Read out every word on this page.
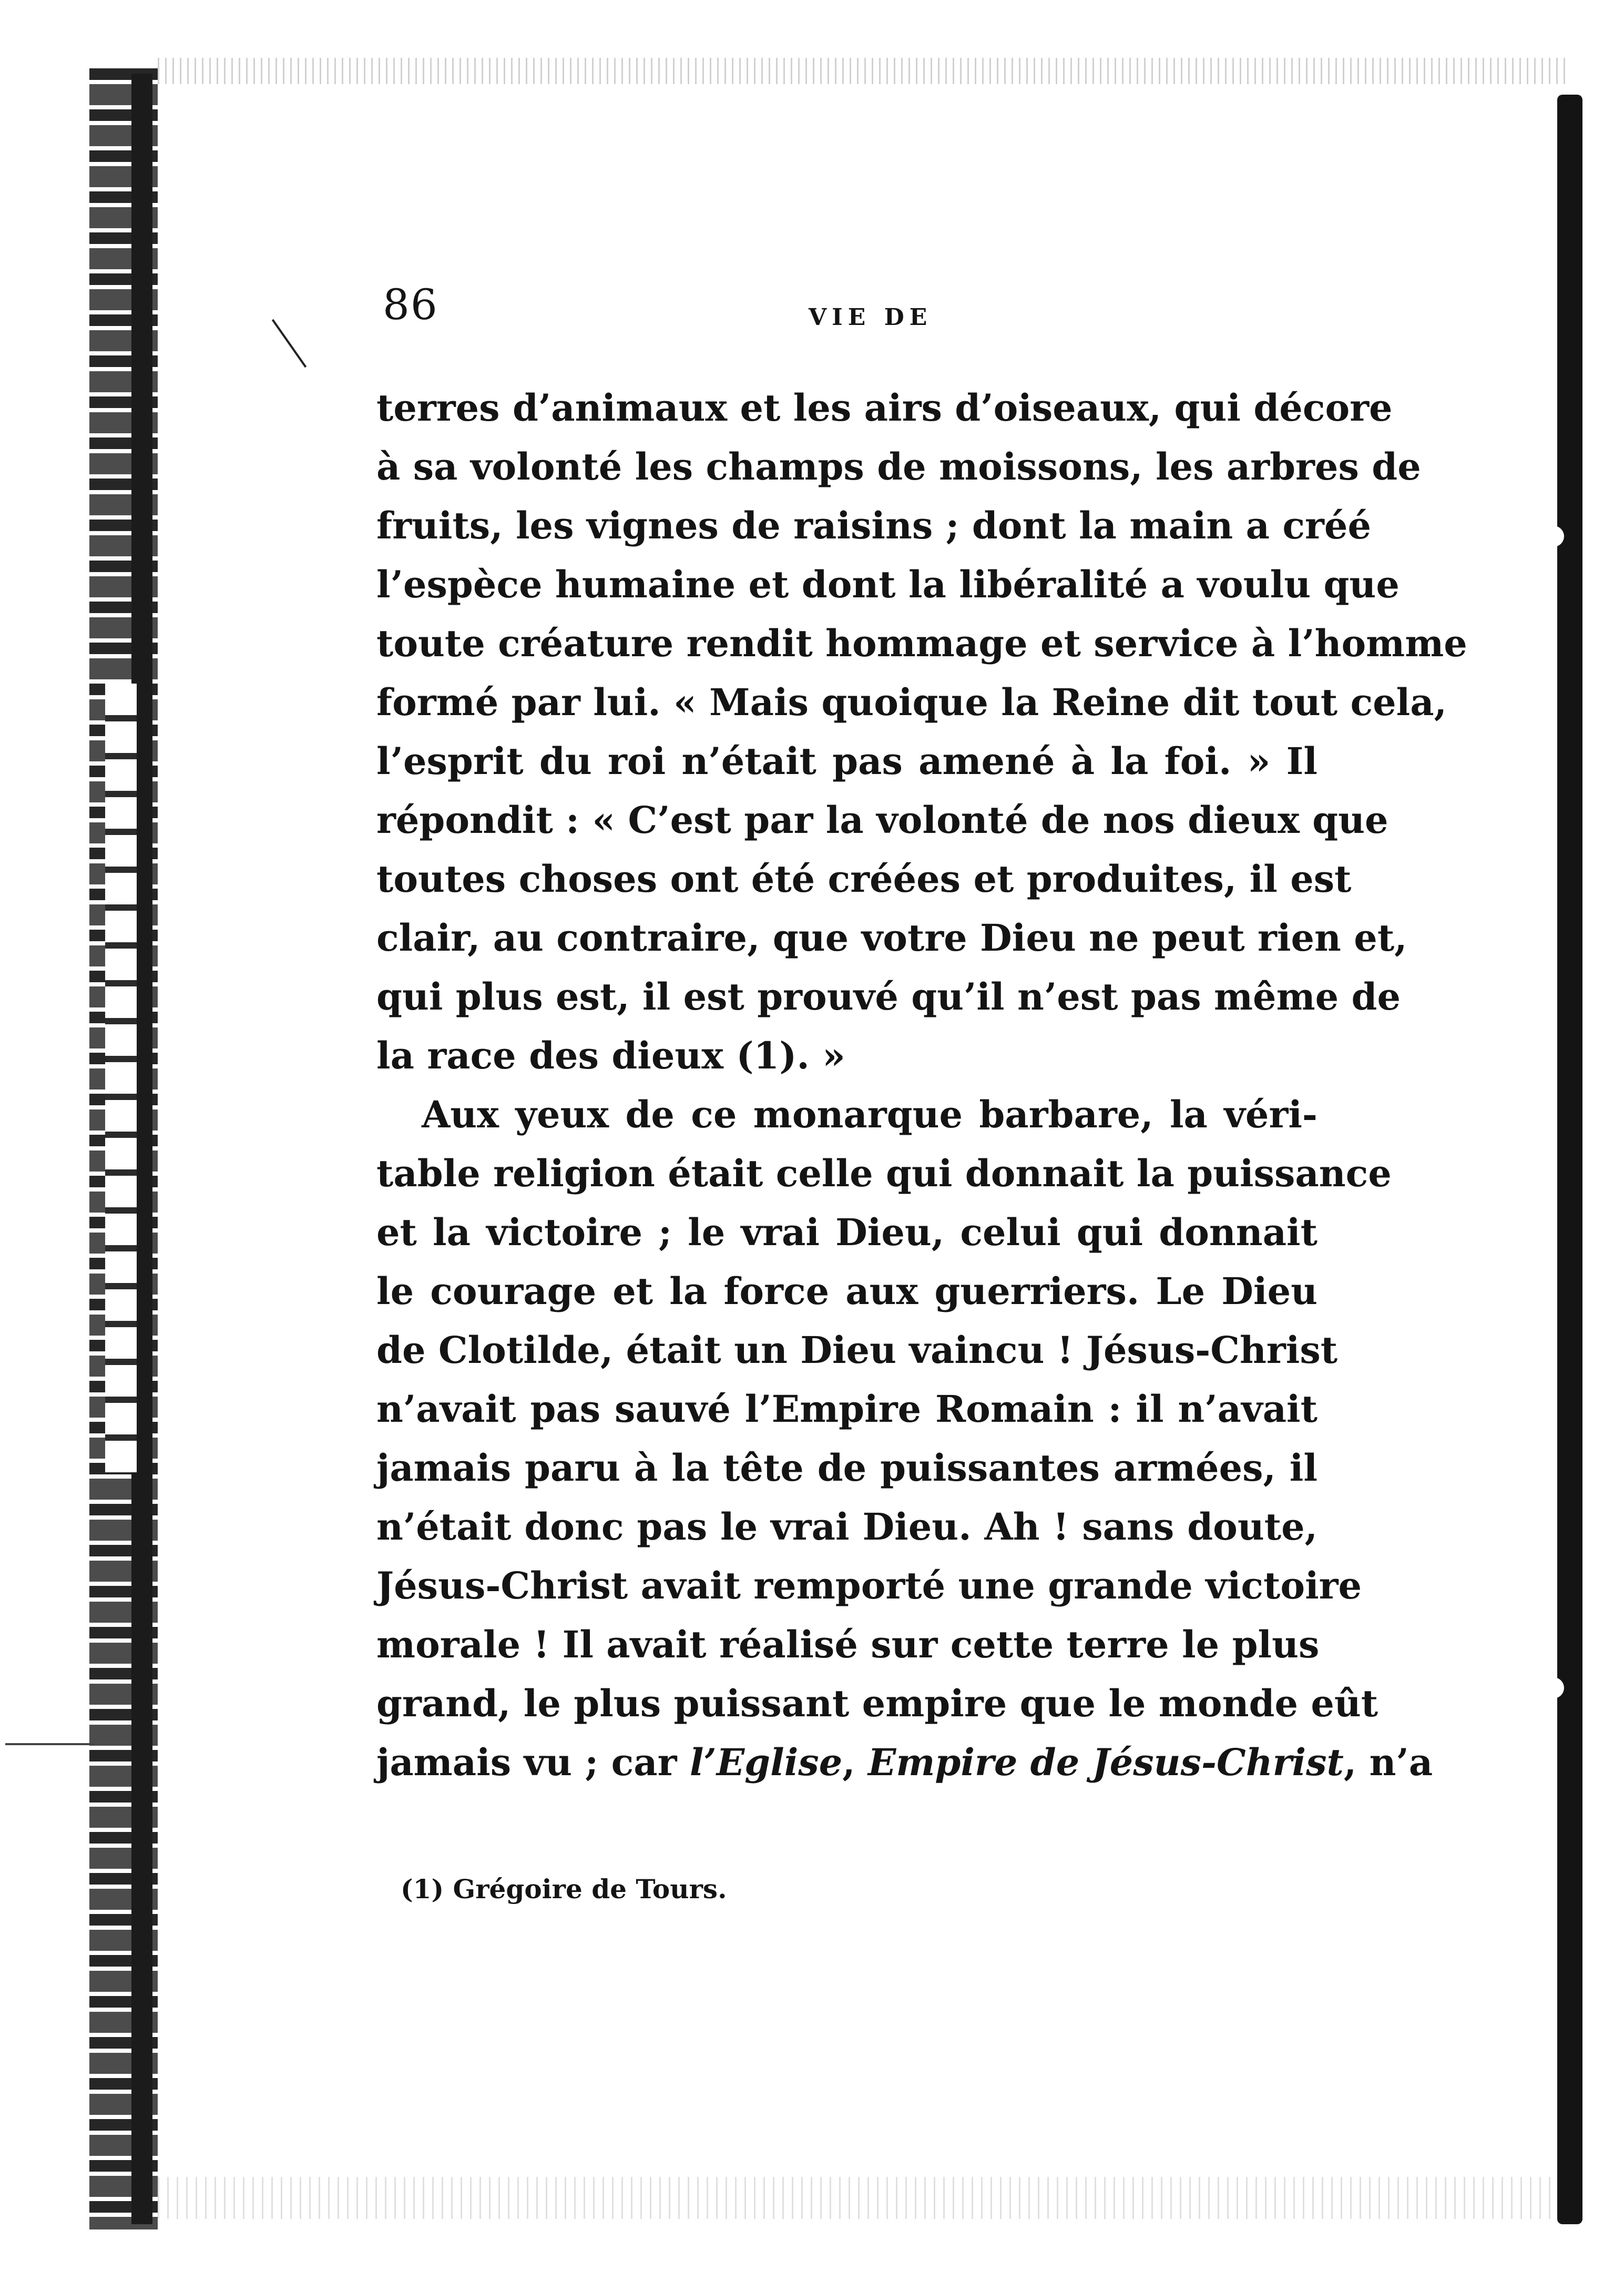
86	VIE DE
terres d’animaux et les airs d’oiseaux, qui décore
à sa volonté les champs de moissons, les arbres de
fruits, les vignes de raisins ; dont la main a créé
l’espèce humaine et dont la libéralité a voulu que
toute créature rendit hommage et service à l’homme
formé par lui. « Mais quoique la Reine dit tout cela,
l’esprit du roi n’était pas amené à la foi. » Il
répondit : « C’est par la volonté de nos dieux que
toutes choses ont été créées et produites, il est
clair, au contraire, que votre Dieu ne peut rien et,
qui plus est, il est prouvé qu’il n’est pas même de
la race des dieux (1). »
Aux yeux de ce monarque barbare, la véri-
table religion était celle qui donnait la puissance
et la victoire ; le vrai Dieu, celui qui donnait
le courage et la force aux guerriers. Le Dieu
de Clotilde, était un Dieu vaincu ! Jésus-Christ
n’avait pas sauvé l’Empire Romain : il n’avait
jamais paru à la tête de puissantes armées, il
n’était donc pas le vrai Dieu. Ah ! sans doute,
Jésus-Christ avait remporté une grande victoire
morale ! Il avait réalisé sur cette terre le plus
grand, le plus puissant empire que le monde eût
jamais vu ; car l’Eglise, Empire de Jésus-Christ, n’a
(1) Grégoire de Tours.
